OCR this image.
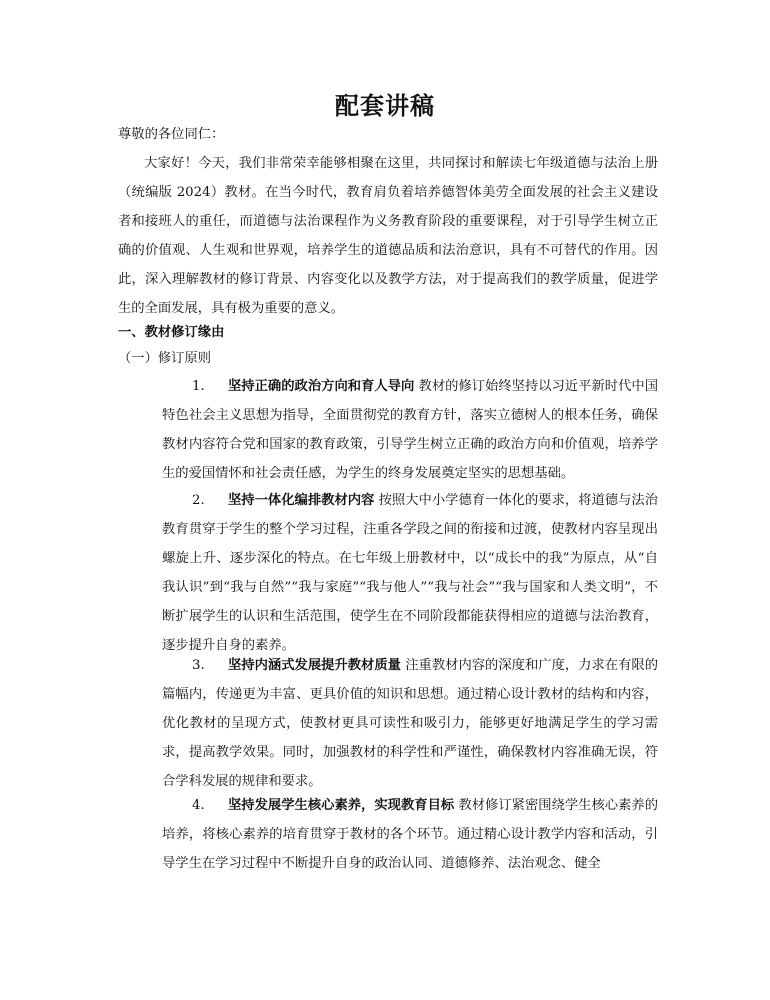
配套讲稿
尊敬的各位同仁：
大家好！今天，我们非常荣幸能够相聚在这里，共同探讨和解读七年级道德与法治上册（统编版 2024）教材。在当今时代，教育肩负着培养德智体美劳全面发展的社会主义建设者和接班人的重任，而道德与法治课程作为义务教育阶段的重要课程，对于引导学生树立正确的价值观、人生观和世界观，培养学生的道德品质和法治意识，具有不可替代的作用。因此，深入理解教材的修订背景、内容变化以及教学方法，对于提高我们的教学质量，促进学生的全面发展，具有极为重要的意义。
一、教材修订缘由
（一）修订原则
1.	坚持正确的政治方向和育人导向 教材的修订始终坚持以习近平新时代中国特色社会主义思想为指导，全面贯彻党的教育方针，落实立德树人的根本任务，确保教材内容符合党和国家的教育政策，引导学生树立正确的政治方向和价值观，培养学生的爱国情怀和社会责任感，为学生的终身发展奠定坚实的思想基础。
2.	坚持一体化编排教材内容 按照大中小学德育一体化的要求，将道德与法治教育贯穿于学生的整个学习过程，注重各学段之间的衔接和过渡，使教材内容呈现出螺旋上升、逐步深化的特点。在七年级上册教材中，以“成长中的我”为原点，从“自我认识”到“我与自然”“我与家庭”“我与他人”“我与社会”“我与国家和人类文明”，不断扩展学生的认识和生活范围，使学生在不同阶段都能获得相应的道德与法治教育，逐步提升自身的素养。
3.	坚持内涵式发展提升教材质量 注重教材内容的深度和广度，力求在有限的篇幅内，传递更为丰富、更具价值的知识和思想。通过精心设计教材的结构和内容，优化教材的呈现方式，使教材更具可读性和吸引力，能够更好地满足学生的学习需求，提高教学效果。同时，加强教材的科学性和严谨性，确保教材内容准确无误，符合学科发展的规律和要求。
4.	坚持发展学生核心素养，实现教育目标 教材修订紧密围绕学生核心素养的培养，将核心素养的培育贯穿于教材的各个环节。通过精心设计教学内容和活动，引导学生在学习过程中不断提升自身的政治认同、道德修养、法治观念、健全
